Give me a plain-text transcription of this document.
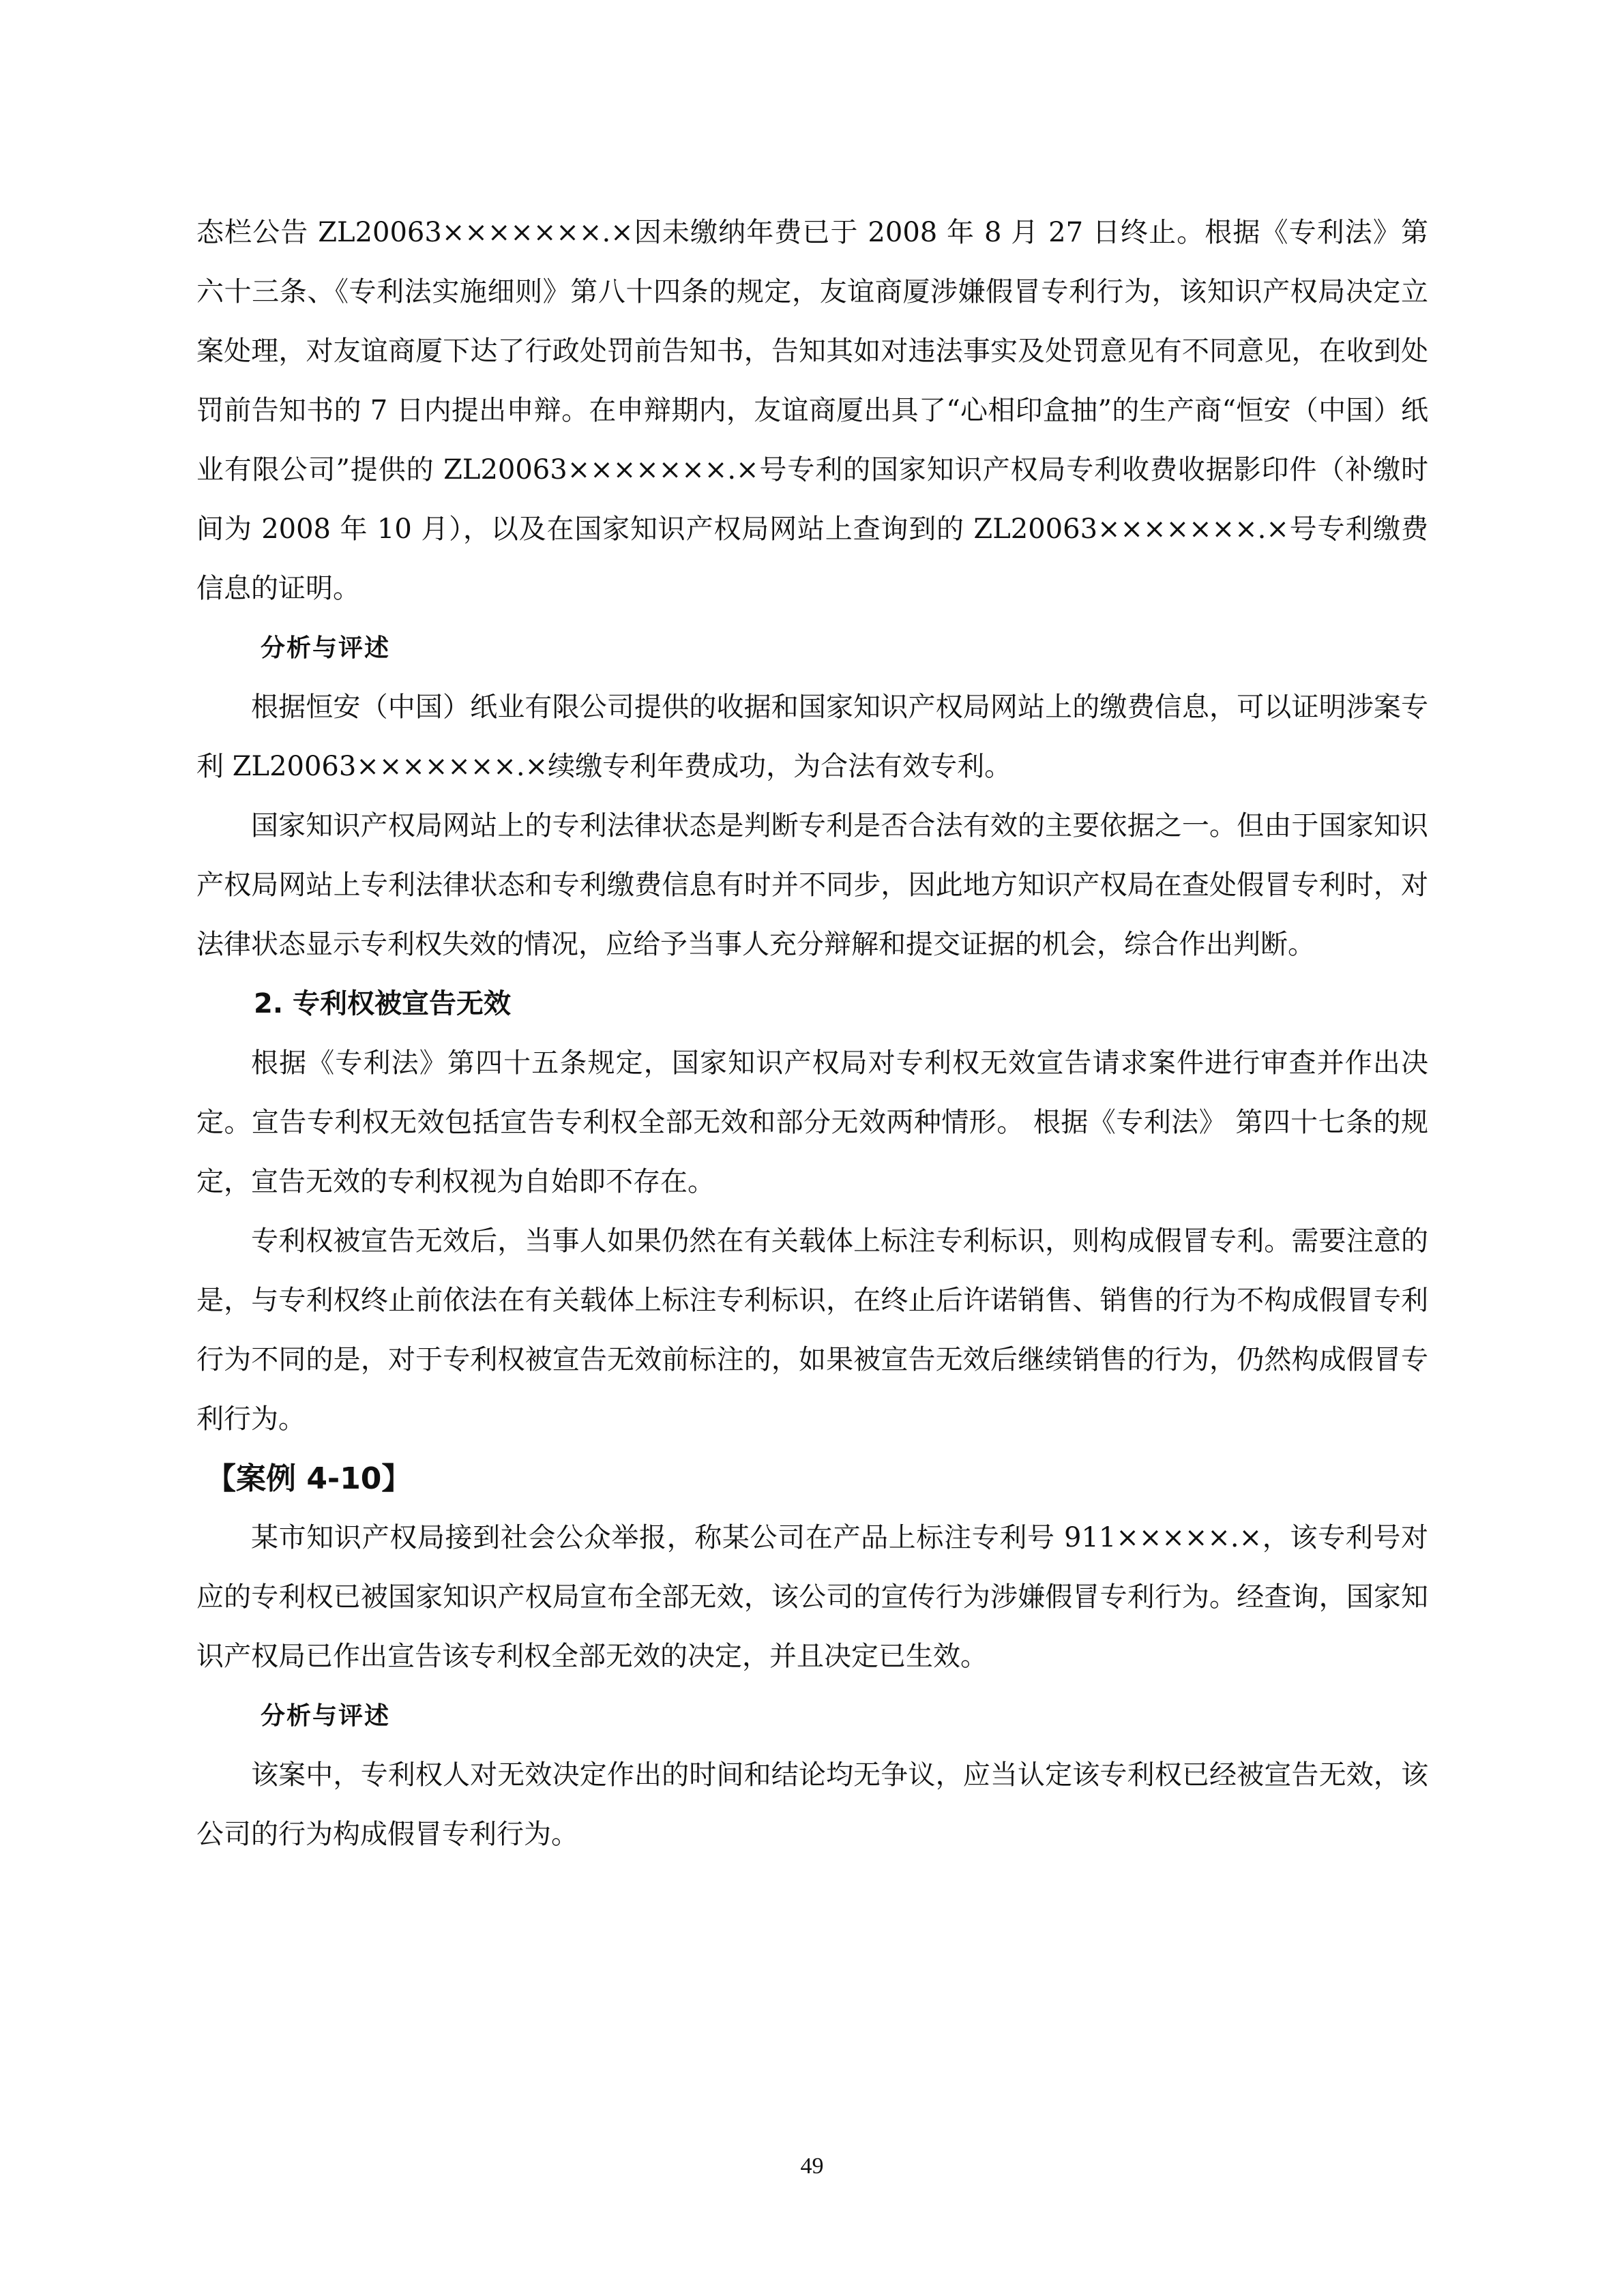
态栏公告 ZL20063×××××××.×因未缴纳年费已于 2008 年 8 月 27 日终止。根据《专利法》第六十三条、《专利法实施细则》第八十四条的规定，友谊商厦涉嫌假冒专利行为，该知识产权局决定立案处理，对友谊商厦下达了行政处罚前告知书，告知其如对违法事实及处罚意见有不同意见，在收到处罚前告知书的 7 日内提出申辩。在申辩期内，友谊商厦出具了“心相印盒抽”的生产商“恒安（中国）纸业有限公司”提供的 ZL20063×××××××.×号专利的国家知识产权局专利收费收据影印件（补缴时间为 2008 年 10 月），以及在国家知识产权局网站上查询到的 ZL20063×××××××.×号专利缴费信息的证明。

分析与评述

根据恒安（中国）纸业有限公司提供的收据和国家知识产权局网站上的缴费信息，可以证明涉案专利 ZL20063×××××××.×续缴专利年费成功，为合法有效专利。

国家知识产权局网站上的专利法律状态是判断专利是否合法有效的主要依据之一。但由于国家知识产权局网站上专利法律状态和专利缴费信息有时并不同步，因此地方知识产权局在查处假冒专利时，对法律状态显示专利权失效的情况，应给予当事人充分辩解和提交证据的机会，综合作出判断。

2. 专利权被宣告无效

根据《专利法》第四十五条规定，国家知识产权局对专利权无效宣告请求案件进行审查并作出决定。宣告专利权无效包括宣告专利权全部无效和部分无效两种情形。 根据《专利法》 第四十七条的规定，宣告无效的专利权视为自始即不存在。

专利权被宣告无效后，当事人如果仍然在有关载体上标注专利标识，则构成假冒专利。需要注意的是，与专利权终止前依法在有关载体上标注专利标识，在终止后许诺销售、销售的行为不构成假冒专利行为不同的是，对于专利权被宣告无效前标注的，如果被宣告无效后继续销售的行为，仍然构成假冒专利行为。

【案例 4-10】

某市知识产权局接到社会公众举报，称某公司在产品上标注专利号 911×××××.×，该专利号对应的专利权已被国家知识产权局宣布全部无效，该公司的宣传行为涉嫌假冒专利行为。经查询，国家知识产权局已作出宣告该专利权全部无效的决定，并且决定已生效。

分析与评述

该案中，专利权人对无效决定作出的时间和结论均无争议，应当认定该专利权已经被宣告无效，该公司的行为构成假冒专利行为。

49
